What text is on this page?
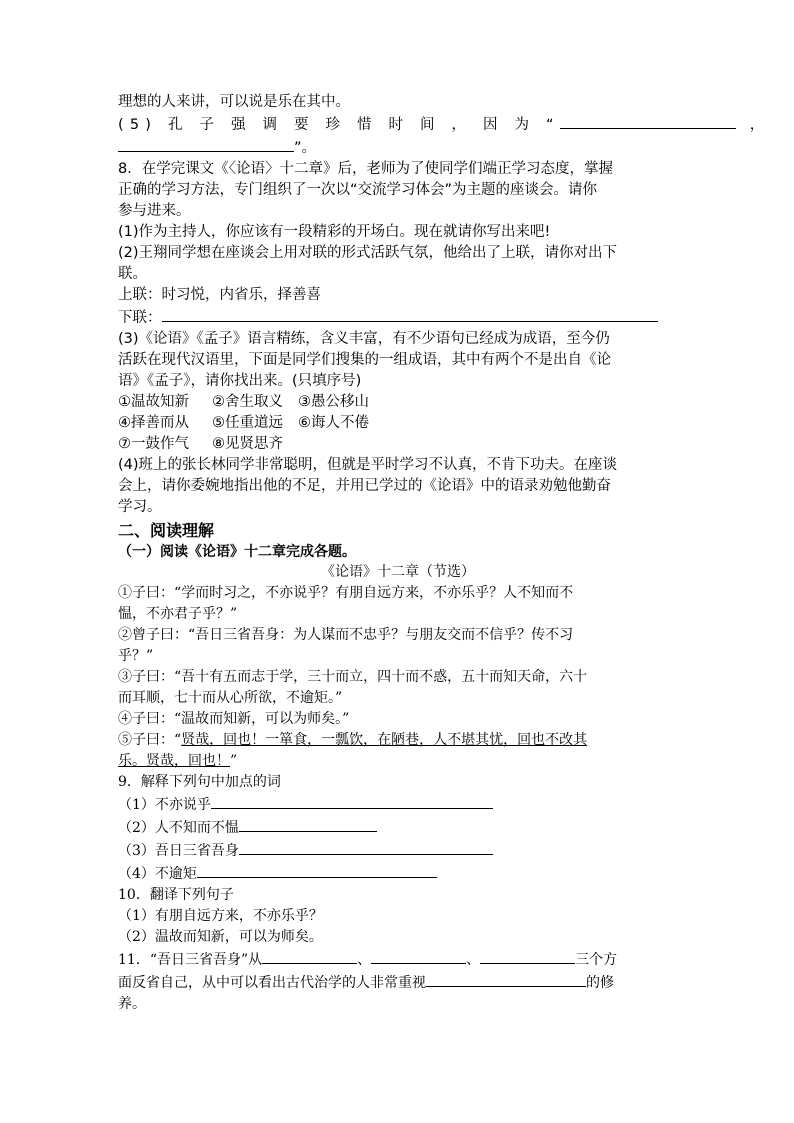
理想的人来讲，可以说是乐在其中。
(5) 孔 子 强 调 要 珍 惜 时 间 ， 因 为 “	，
”。
8．在学完课文《〈论语〉十二章》后，老师为了使同学们端正学习态度，掌握
正确的学习方法，专门组织了一次以“交流学习体会”为主题的座谈会。请你
参与进来。
(1)作为主持人，你应该有一段精彩的开场白。现在就请你写出来吧!
(2)王翔同学想在座谈会上用对联的形式活跃气氛，他给出了上联，请你对出下
联。
上联：时习悦，内省乐，择善喜
下联：
(3)《论语》《孟子》语言精练，含义丰富，有不少语句已经成为成语，至今仍
活跃在现代汉语里，下面是同学们搜集的一组成语，其中有两个不是出自《论
语》《孟子》，请你找出来。(只填序号)
①温故知新 ②舍生取义 ③愚公移山
④择善而从 ⑤任重道远 ⑥诲人不倦
⑦一鼓作气 ⑧见贤思齐
(4)班上的张长林同学非常聪明，但就是平时学习不认真，不肯下功夫。在座谈
会上，请你委婉地指出他的不足，并用已学过的《论语》中的语录劝勉他勤奋
学习。
二、阅读理解
（一）阅读《论语》十二章完成各题。
《论语》十二章（节选）
①子曰：“学而时习之，不亦说乎？有朋自远方来，不亦乐乎？人不知而不
愠，不亦君子乎？”
②曾子曰：“吾日三省吾身：为人谋而不忠乎？与朋友交而不信乎？传不习
乎？”
③子曰：“吾十有五而志于学，三十而立，四十而不惑，五十而知天命，六十
而耳顺，七十而从心所欲，不逾矩。”
④子曰：“温故而知新，可以为师矣。”
⑤子曰：“贤哉，回也！一箪食，一瓢饮，在陋巷，人不堪其忧，回也不改其
乐。贤哉，回也！”
9．解释下列句中加点的词
（1）不亦说乎
（2）人不知而不愠
（3）吾日三省吾身
（4）不逾矩
10．翻译下列句子
（1）有朋自远方来，不亦乐乎？
（2）温故而知新，可以为师矣。
11．“吾日三省吾身”从	、	、	三个方
面反省自己，从中可以看出古代治学的人非常重视	的修
养。
